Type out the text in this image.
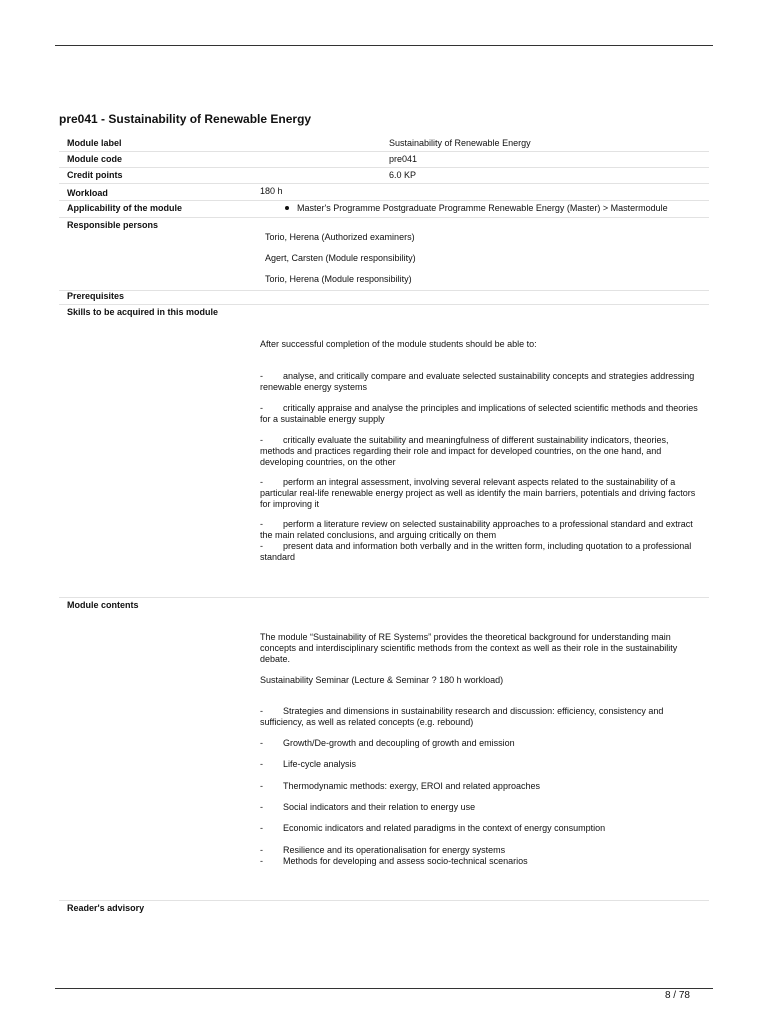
pre041 - Sustainability of Renewable Energy
Module label	Sustainability of Renewable Energy
Module code	pre041
Credit points	6.0 KP
Workload	180 h
Applicability of the module	Master's Programme Postgraduate Programme Renewable Energy (Master) > Mastermodule
Responsible persons
Torio, Herena (Authorized examiners)
Agert, Carsten (Module responsibility)
Torio, Herena (Module responsibility)
Prerequisites
Skills to be acquired in this module

After successful completion of the module students should be able to:

-	analyse, and critically compare and evaluate selected sustainability concepts and strategies addressing renewable energy systems
-	critically appraise and analyse the principles and implications of selected scientific methods and theories for a sustainable energy supply
-	critically evaluate the suitability and meaningfulness of different sustainability indicators, theories, methods and practices regarding their role and impact for developed countries, on the one hand, and developing countries, on the other
-	perform an integral assessment, involving several relevant aspects related to the sustainability of a particular real-life renewable energy project as well as identify the main barriers, potentials and driving factors for improving it
-	perform a literature review on selected sustainability approaches to a professional standard and extract the main related conclusions, and arguing critically on them
-	present data and information both verbally and in the written form, including quotation to a professional standard
Module contents

The module “Sustainability of RE Systems” provides the theoretical background for understanding main concepts and interdisciplinary scientific methods from the context as well as their role in the sustainability debate.

Sustainability Seminar (Lecture & Seminar ? 180 h workload)

-	Strategies and dimensions in sustainability research and discussion: efficiency, consistency and sufficiency, as well as related concepts (e.g. rebound)
-	Growth/De-growth and decoupling of growth and emission
-	Life-cycle analysis
-	Thermodynamic methods: exergy, EROI and related approaches
-	Social indicators and their relation to energy use
-	Economic indicators and related paradigms in the context of energy consumption
-	Resilience and its operationalisation for energy systems
-	Methods for developing and assess socio-technical scenarios
Reader's advisory
8 / 78
